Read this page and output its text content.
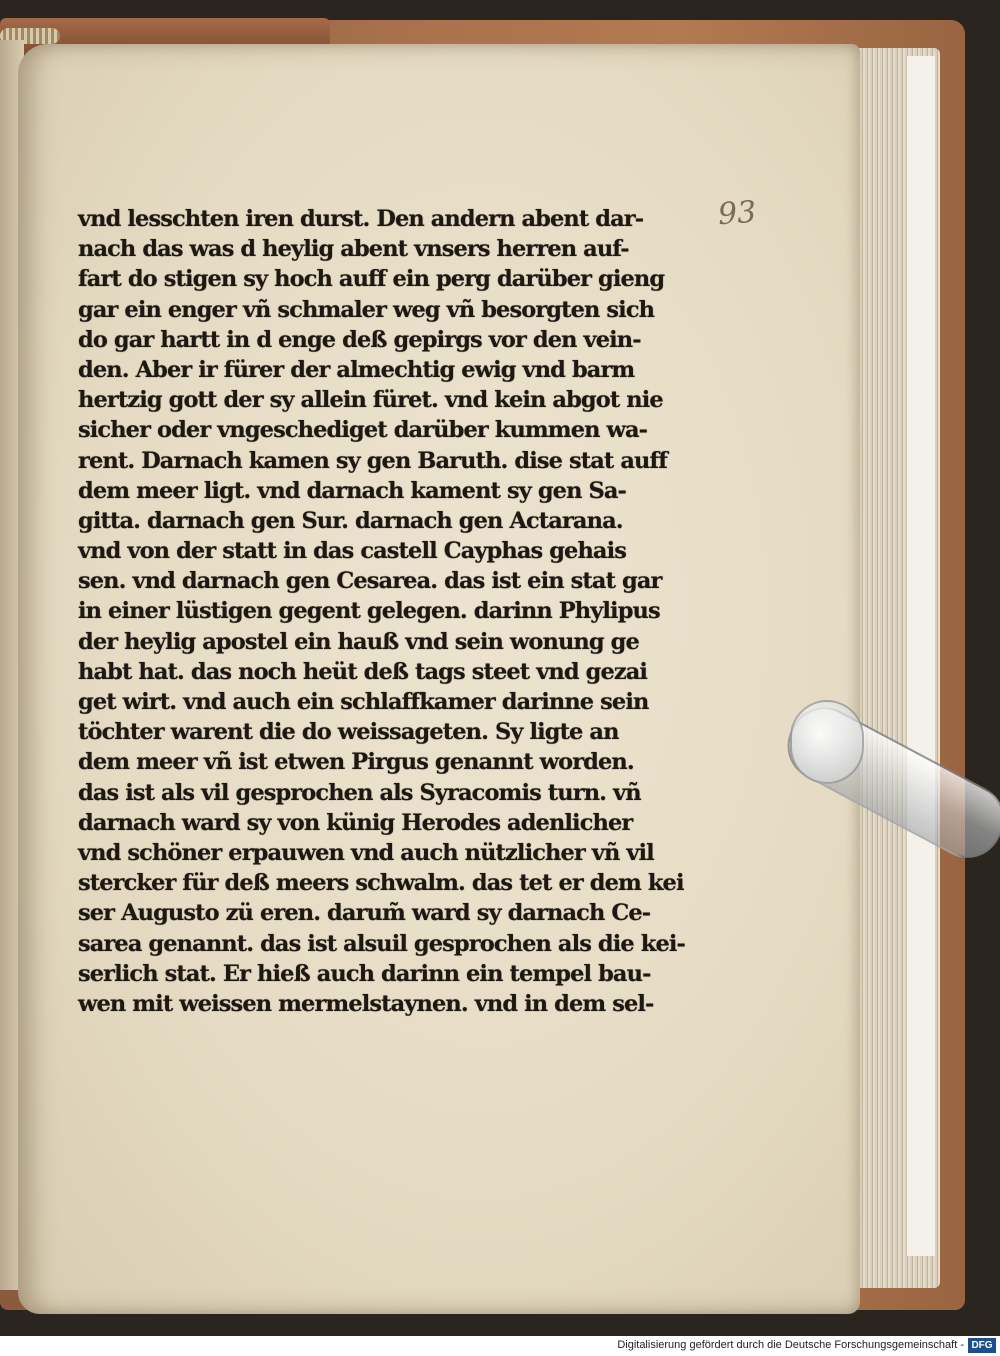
93
vnd lesschten iren durst. Den andern abent dar-
nach das was d heylig abent vnsers herren auf-
fart do stigen sy hoch auff ein perg darüber gieng
gar ein enger vñ schmaler weg vñ besorgten sich
do gar hartt in d enge deß gepirgs vor den vein-
den. Aber ir fürer der almechtig ewig vnd barm
hertzig gott der sy allein füret. vnd kein abgot nie
sicher oder vngeschediget darüber kummen wa-
rent. Darnach kamen sy gen Baruth. dise stat auff
dem meer ligt. vnd darnach kament sy gen Sa-
gitta. darnach gen Sur. darnach gen Actarana.
vnd von der statt in das castell Cayphas gehais
sen. vnd darnach gen Cesarea. das ist ein stat gar
in einer lüstigen gegent gelegen. darinn Phylipus
der heylig apostel ein hauß vnd sein wonung ge
habt hat. das noch heüt deß tags steet vnd gezai
get wirt. vnd auch ein schlaffkamer darinne sein
töchter warent die do weissageten. Sy ligte an
dem meer vñ ist etwen Pirgus genannt worden.
das ist als vil gesprochen als Syracomis turn. vñ
darnach ward sy von künig Herodes adenlicher
vnd schöner erpauwen vnd auch nützlicher vñ vil
stercker für deß meers schwalm. das tet er dem kei
ser Augusto zü eren. darum̃ ward sy darnach Ce-
sarea genannt. das ist alsuil gesprochen als die kei-
serlich stat. Er hieß auch darinn ein tempel bau-
wen mit weissen mermelstaynen. vnd in dem sel-
Digitalisierung gefördert durch die Deutsche Forschungsgemeinschaft - DFG
